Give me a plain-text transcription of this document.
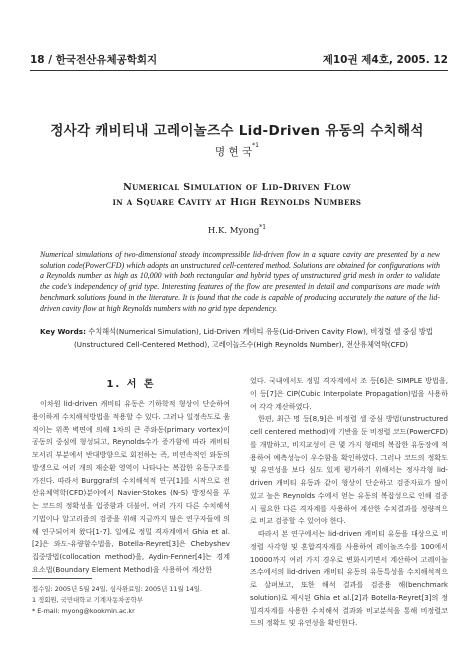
18 / 한국전산유체공학회지	제10권 제4호, 2005. 12
정사각 캐비티내 고레이놀즈수 Lid-Driven 유동의 수치해석
명 현 국$^{*1}$
Numerical Simulation of Lid-Driven Flow
in a Square Cavity at High Reynolds Numbers
H.K. Myong$^{*1}$
Numerical simulations of two-dimensional steady incompressible lid-driven flow in a square cavity are presented by a new solution code(PowerCFD) which adopts an unstructured cell-centered method. Solutions are obtained for configurations with a Reynolds number as high as 10,000 with both rectangular and hybrid types of unstructured grid mesh in order to validate the code's independency of grid type. Interesting features of the flow are presented in detail and comparisons are made with benchmark solutions found in the literature. It is found that the code is capable of producing accurately the nature of the lid-driven cavity flow at high Reynolds numbers with no grid type dependency.
Key Words: 수치해석(Numerical Simulation), Lid-Driven 캐비티 유동(Lid-Driven Cavity Flow), 비정렬 셀 중심 방법
(Unstructured Cell-Centered Method), 고레이놀즈수(High Reynolds Number), 전산유체역학(CFD)
1. 서 론

이차원 lid-driven 캐비티 유동은 기하학적 형상이 단순하여 용이하게 수치해석방법을 적용할 수 있다. 그러나 일정속도로 움직이는 위쪽 벽면에 의해 1차의 큰 주와동(primary vortex)이 공동의 중심에 형성되고, Reynolds수가 증가함에 따라 캐비티 모서리 부분에서 반대방향으로 회전하는 즉, 비연속적인 와동의 발생으로 여러 개의 재순환 영역이 나타나는 복잡한 유동구조를 가진다. 따라서 Burggraf의 수치해석적 연구[1]를 시작으로 전산유체역학(CFD)분야에서 Navier-Stokes (N-S) 방정식을 푸는 코드의 정확성을 입증함과 더불어, 여러 가지 다른 수치해석기법이나 알고리즘의 검증을 위해 지금까지 많은 연구자들에 의해 연구되어져 왔다[1-7]. 일예로 정밀 격자계에서 Ghia et al.[2]은 와도-유량함수법을, Botella-Reyret[3]은 Chebyshev 집중방법(collocation method)을, Aydin-Fenner[4]는 경계요소법(Boundary Element Method)을 사용하여 계산한

었다. 국내에서도 정밀 격자계에서 조 등[6]은 SIMPLE 방법을, 이 등[7]은 CIP(Cubic Interpolate Propagation)법을 사용하여 각각 계산하였다.

한편, 최근 명 등[8,9]은 비정렬 셀 중심 방법(unstructured cell centered method)에 기반을 둔 비정렬 코드(PowerCFD)를 개발하고, 비지교성이 큰 몇 가지 형태의 복잡한 유동장에 적용하여 예측성능이 우수함을 확인하였다. 그러나 코드의 정확도 및 유연성을 보다 심도 있게 평가하기 위해서는 정사각형 lid-driven 캐비티 유동과 같이 형상이 단순하고 검증자료가 많이 있고 높은 Reynolds 수에서 얻는 유동의 복잡성으로 인해 검증시 필요한 다른 격자계를 사용하여 계산한 수치결과를 정량적으로 비교 검증할 수 있어야 한다.

따라서 본 연구에서는 lid-driven 캐비티 유동을 대상으로 비정렬 사각형 및 혼합격자계를 사용하여 레이놀즈수를 100에서 10000까지 여러 가지 경우로 변화시키면서 계산하여 고레이놀즈수에서의 lid-driven 캐비티 유동의 유동특성을 수치해석적으로 살펴보고, 또한 해석 결과를 검증용 해(benchmark solution)로 제시된 Ghia et al.[2]과 Botella-Reyret[3]의 정밀격자계를 사용한 수치해석 결과와 비교분석을 통해 비정렬코드의 정확도 및 유연성을 확인한다.

접수일: 2005년 5월 24일, 심사완료일: 2005년 11월 14일.
1 정회원, 국민대학교 기계자동차공학부
* E-mail: myong@kookmin.ac.kr
